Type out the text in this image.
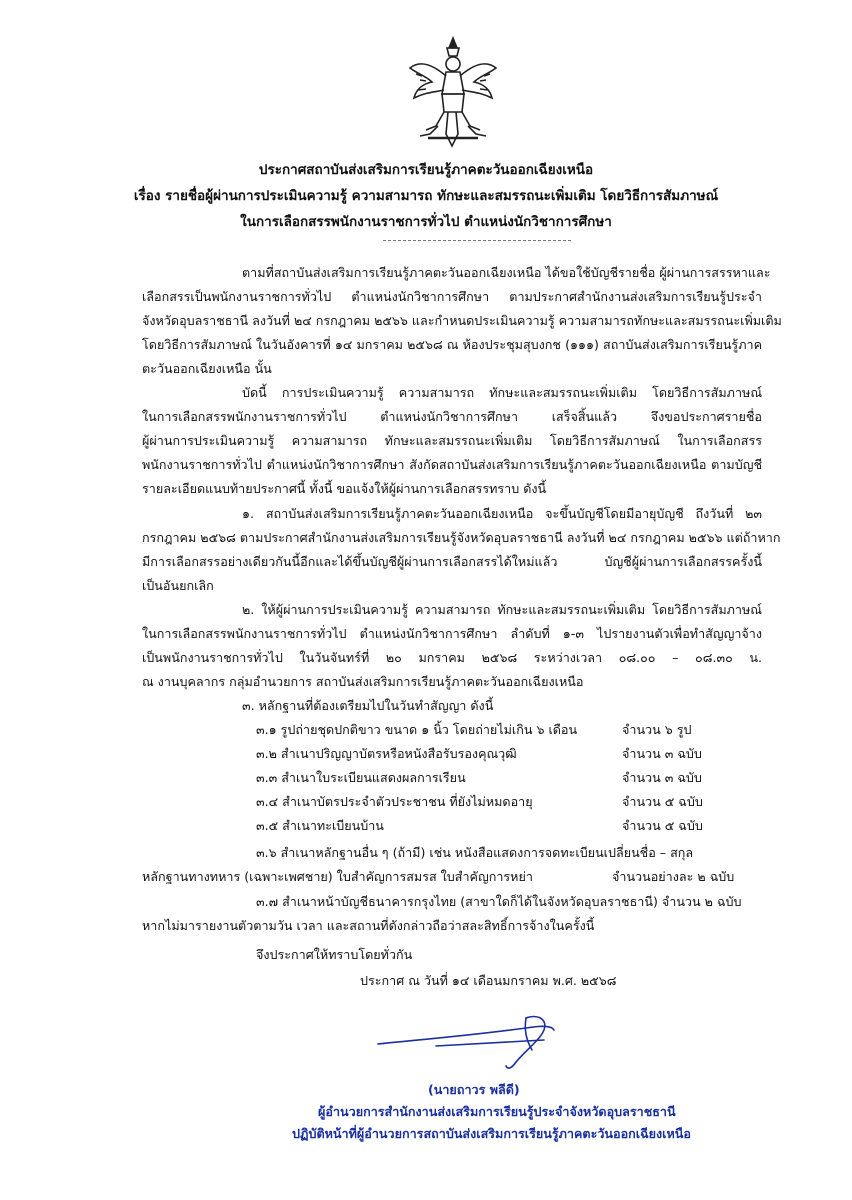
ประกาศสถาบันส่งเสริมการเรียนรู้ภาคตะวันออกเฉียงเหนือ
เรื่อง รายชื่อผู้ผ่านการประเมินความรู้ ความสามารถ ทักษะและสมรรถนะเพิ่มเติม โดยวิธีการสัมภาษณ์
ในการเลือกสรรพนักงานราชการทั่วไป ตำแหน่งนักวิชาการศึกษา
ตามที่สถาบันส่งเสริมการเรียนรู้ภาคตะวันออกเฉียงเหนือ ได้ขอใช้บัญชีรายชื่อ ผู้ผ่านการสรรหาและ
เลือกสรรเป็นพนักงานราชการทั่วไป ตำแหน่งนักวิชาการศึกษา ตามประกาศสำนักงานส่งเสริมการเรียนรู้ประจำ
จังหวัดอุบลราชธานี ลงวันที่ ๒๔ กรกฎาคม ๒๕๖๖ และกำหนดประเมินความรู้ ความสามารถทักษะและสมรรถนะเพิ่มเติม
โดยวิธีการสัมภาษณ์ ในวันอังคารที่ ๑๔ มกราคม ๒๕๖๘ ณ ห้องประชุมสุบงกช (๑๑๑) สถาบันส่งเสริมการเรียนรู้ภาค
ตะวันออกเฉียงเหนือ นั้น
บัดนี้ การประเมินความรู้ ความสามารถ ทักษะและสมรรถนะเพิ่มเติม โดยวิธีการสัมภาษณ์
ในการเลือกสรรพนักงานราชการทั่วไป ตำแหน่งนักวิชาการศึกษา เสร็จสิ้นแล้ว จึงขอประกาศรายชื่อ
ผู้ผ่านการประเมินความรู้ ความสามารถ ทักษะและสมรรถนะเพิ่มเติม โดยวิธีการสัมภาษณ์ ในการเลือกสรร
พนักงานราชการทั่วไป ตำแหน่งนักวิชาการศึกษา สังกัดสถาบันส่งเสริมการเรียนรู้ภาคตะวันออกเฉียงเหนือ ตามบัญชี
รายละเอียดแนบท้ายประกาศนี้ ทั้งนี้ ขอแจ้งให้ผู้ผ่านการเลือกสรรทราบ ดังนี้
๑. สถาบันส่งเสริมการเรียนรู้ภาคตะวันออกเฉียงเหนือ จะขึ้นบัญชีโดยมีอายุบัญชี ถึงวันที่ ๒๓
กรกฎาคม ๒๕๖๘ ตามประกาศสำนักงานส่งเสริมการเรียนรู้จังหวัดอุบลราชธานี ลงวันที่ ๒๔ กรกฎาคม ๒๕๖๖ แต่ถ้าหาก
มีการเลือกสรรอย่างเดียวกันนี้อีกและได้ขึ้นบัญชีผู้ผ่านการเลือกสรรได้ใหม่แล้ว บัญชีผู้ผ่านการเลือกสรรครั้งนี้
เป็นอันยกเลิก
๒. ให้ผู้ผ่านการประเมินความรู้ ความสามารถ ทักษะและสมรรถนะเพิ่มเติม โดยวิธีการสัมภาษณ์
ในการเลือกสรรพนักงานราชการทั่วไป ตำแหน่งนักวิชาการศึกษา ลำดับที่ ๑-๓ ไปรายงานตัวเพื่อทำสัญญาจ้าง
เป็นพนักงานราชการทั่วไป ในวันจันทร์ที่ ๒๐ มกราคม ๒๕๖๘ ระหว่างเวลา ๐๘.๐๐ – ๐๘.๓๐ น.
ณ งานบุคลากร กลุ่มอำนวยการ สถาบันส่งเสริมการเรียนรู้ภาคตะวันออกเฉียงเหนือ
๓. หลักฐานที่ต้องเตรียมไปในวันทำสัญญา ดังนี้
๓.๑ รูปถ่ายชุดปกติขาว ขนาด ๑ นิ้ว โดยถ่ายไม่เกิน ๖ เดือน	จำนวน ๖ รูป
๓.๒ สำเนาปริญญาบัตรหรือหนังสือรับรองคุณวุฒิ	จำนวน ๓ ฉบับ
๓.๓ สำเนาใบระเบียนแสดงผลการเรียน	จำนวน ๓ ฉบับ
๓.๔ สำเนาบัตรประจำตัวประชาชน ที่ยังไม่หมดอายุ	จำนวน ๕ ฉบับ
๓.๕ สำเนาทะเบียนบ้าน	จำนวน ๕ ฉบับ
๓.๖ สำเนาหลักฐานอื่น ๆ (ถ้ามี) เช่น หนังสือแสดงการจดทะเบียนเปลี่ยนชื่อ – สกุล
หลักฐานทางทหาร (เฉพาะเพศชาย) ใบสำคัญการสมรส ใบสำคัญการหย่า	จำนวนอย่างละ ๒ ฉบับ
๓.๗ สำเนาหน้าบัญชีธนาคารกรุงไทย (สาขาใดก็ได้ในจังหวัดอุบลราชธานี) จำนวน ๒ ฉบับ
หากไม่มารายงานตัวตามวัน เวลา และสถานที่ดังกล่าวถือว่าสละสิทธิ์การจ้างในครั้งนี้
จึงประกาศให้ทราบโดยทั่วกัน
ประกาศ ณ วันที่ ๑๔ เดือนมกราคม พ.ศ. ๒๕๖๘
(นายถาวร พลีดี)
ผู้อำนวยการสำนักงานส่งเสริมการเรียนรู้ประจำจังหวัดอุบลราชธานี
ปฏิบัติหน้าที่ผู้อำนวยการสถาบันส่งเสริมการเรียนรู้ภาคตะวันออกเฉียงเหนือ
